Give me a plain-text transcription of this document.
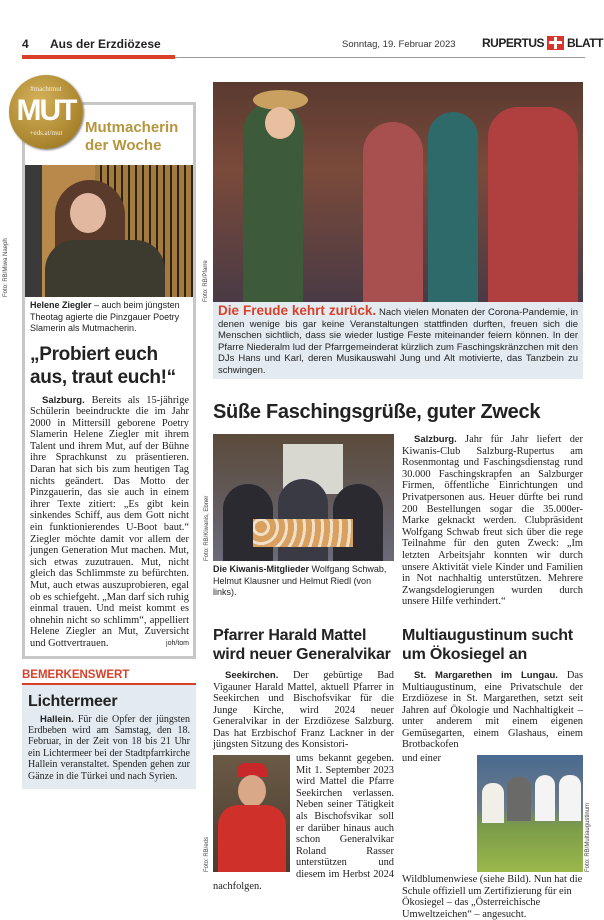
4 Aus der Erzdiözese	Sonntag, 19. Februar 2023 RUPERTUS BLATT
#machtmut
MUT
+eds.at/mut	Mutmacherin
der Woche
Foto: RB/Miwa Naeph
Helene Ziegler – auch beim jüngsten Theotag agierte die Pinzgauer Poetry Slamerin als Mutmacherin.
„Probiert euch aus, traut euch!“
Salzburg. Bereits als 15-jährige Schülerin beeindruckte die im Jahr 2000 in Mittersill geborene Poetry Slamerin Helene Ziegler mit ihrem Talent und ihrem Mut, auf der Bühne ihre Sprachkunst zu präsentieren. Daran hat sich bis zum heutigen Tag nichts geändert. Das Motto der Pinzgauerin, das sie auch in einem ihrer Texte zitiert: „Es gibt kein sinkendes Schiff, aus dem Gott nicht ein funktionierendes U-Boot baut.“ Ziegler möchte damit vor allem der jungen Generation Mut machen. Mut, sich etwas zuzutrauen. Mut, nicht gleich das Schlimmste zu befürchten. Mut, auch etwas auszuprobieren, egal ob es schiefgeht. „Man darf sich ruhig einmal trauen. Und meist kommt es ohnehin nicht so schlimm“, appelliert Helene Ziegler an Mut, Zuversicht und Gottvertrauen.	joh/tom
BEMERKENSWERT
Lichtermeer
Hallein. Für die Opfer der jüngsten Erdbeben wird am Samstag, den 18. Februar, in der Zeit von 18 bis 21 Uhr ein Lichtermeer bei der Stadtpfarrkirche Hallein veranstaltet. Spenden gehen zur Gänze in die Türkei und nach Syrien.
Foto: RB/Pfarre
Die Freude kehrt zurück. Nach vielen Monaten der Corona-Pandemie, in denen wenige bis gar keine Veranstaltungen stattfinden durften, freuen sich die Menschen sichtlich, dass sie wieder lustige Feste miteinander feiern können. In der Pfarre Niederalm lud der Pfarrgemeinderat kürzlich zum Faschingskränzchen mit den DJs Hans und Karl, deren Musikauswahl Jung und Alt motivierte, das Tanzbein zu schwingen.
Süße Faschingsgrüße, guter Zweck
Foto: RB/Kiwanis, Ebner
Die Kiwanis-Mitglieder Wolfgang Schwab, Helmut Klausner und Helmut Riedl (von links).
Salzburg. Jahr für Jahr liefert der Kiwanis-Club Salzburg-Rupertus am Rosenmontag und Faschingsdienstag rund 30.000 Faschingskrapfen an Salzburger Firmen, öffentliche Einrichtungen und Privatpersonen aus. Heuer dürfte bei rund 200 Bestellungen sogar die 35.000er-Marke geknackt werden. Clubpräsident Wolfgang Schwab freut sich über die rege Teilnahme für den guten Zweck: „Im letzten Arbeitsjahr konnten wir durch unsere Aktivität viele Kinder und Familien in Not nachhaltig unterstützen. Mehrere Zwangsdelogierungen wurden durch unsere Hilfe verhindert.“
Pfarrer Harald Mattel wird neuer Generalvikar
Seekirchen. Der gebürtige Bad Vigauner Harald Mattel, aktuell Pfarrer in Seekirchen und Bischofsvikar für die Junge Kirche, wird 2024 neuer Generalvikar in der Erzdiözese Salzburg. Das hat Erzbischof Franz Lackner in der jüngsten Sitzung des Konsistori-
Foto: RB/eds
ums bekannt gegeben. Mit 1. September 2023 wird Mattel die Pfarre Seekirchen verlassen. Neben seiner Tätigkeit als Bischofsvikar soll er darüber hinaus auch schon Generalvikar Roland Rasser unterstützen und diesem im Herbst 2024 nachfolgen.
Multiaugustinum sucht um Ökosiegel an
St. Margarethen im Lungau. Das Multiaugustinum, eine Privatschule der Erzdiözese in St. Margarethen, setzt seit Jahren auf Ökologie und Nachhaltigkeit – unter anderem mit einem eigenen Gemüsegarten, einem Glashaus, einem Brotbackofen
Foto: RB/Multiaugustinum
und einer Wildblumenwiese (siehe Bild). Nun hat die Schule offiziell um Zertifizierung für ein Ökosiegel – das „Österreichische Umweltzeichen“ – angesucht.
